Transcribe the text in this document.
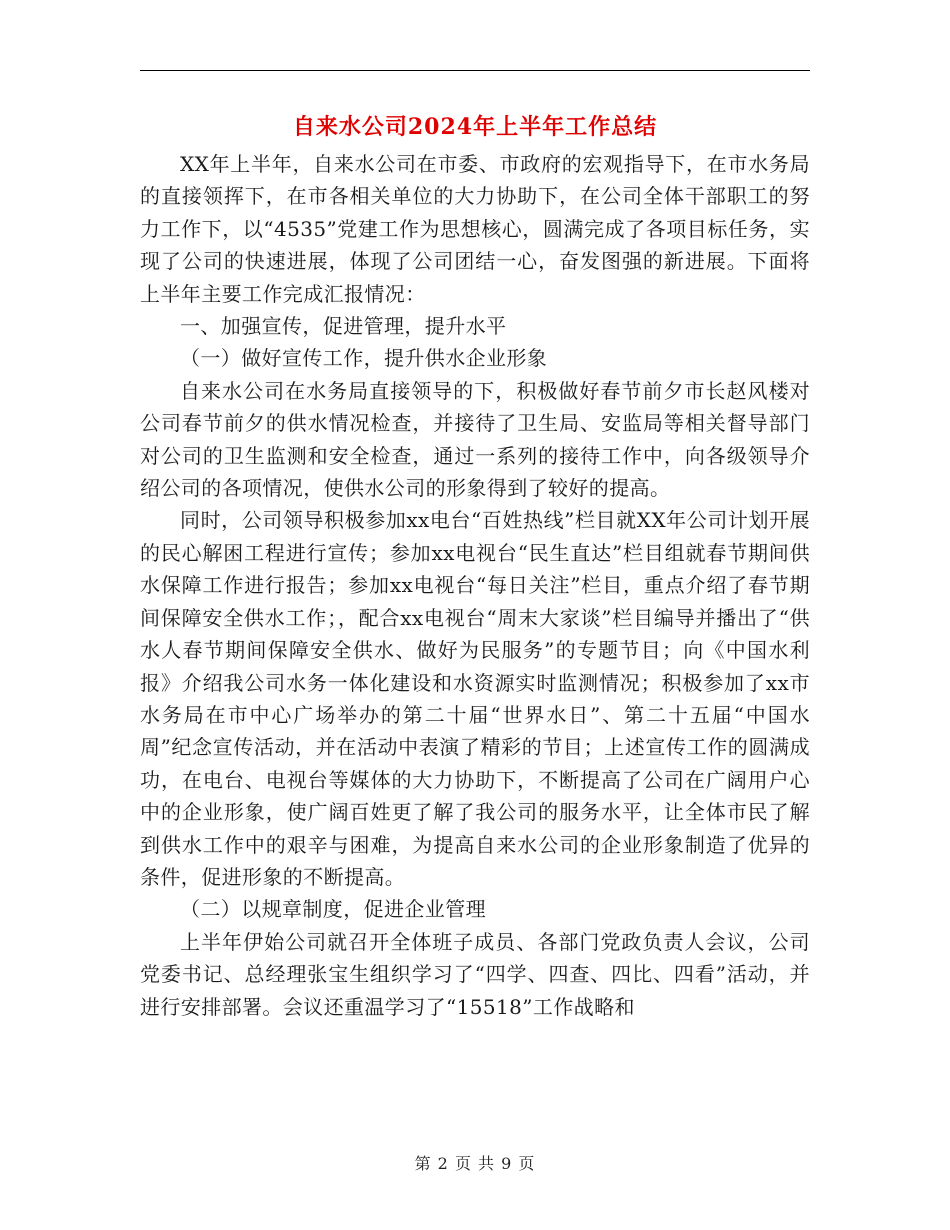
自来水公司2024年上半年工作总结

XX年上半年，自来水公司在市委、市政府的宏观指导下，在市水务局的直接领挥下，在市各相关单位的大力协助下，在公司全体干部职工的努力工作下，以“4535”党建工作为思想核心，圆满完成了各项目标任务，实现了公司的快速进展，体现了公司团结一心，奋发图强的新进展。下面将上半年主要工作完成汇报情况：

一、加强宣传，促进管理，提升水平

（一）做好宣传工作，提升供水企业形象

自来水公司在水务局直接领导的下，积极做好春节前夕市长赵风楼对公司春节前夕的供水情况检查，并接待了卫生局、安监局等相关督导部门对公司的卫生监测和安全检查，通过一系列的接待工作中，向各级领导介绍公司的各项情况，使供水公司的形象得到了较好的提高。

同时，公司领导积极参加xx电台“百姓热线”栏目就XX年公司计划开展的民心解困工程进行宣传；参加xx电视台“民生直达”栏目组就春节期间供水保障工作进行报告；参加xx电视台“每日关注”栏目，重点介绍了春节期间保障安全供水工作；，配合xx电视台“周末大家谈”栏目编导并播出了“供水人春节期间保障安全供水、做好为民服务”的专题节目；向《中国水利报》介绍我公司水务一体化建设和水资源实时监测情况；积极参加了xx市水务局在市中心广场举办的第二十届“世界水日”、第二十五届“中国水周”纪念宣传活动，并在活动中表演了精彩的节目；上述宣传工作的圆满成功，在电台、电视台等媒体的大力协助下，不断提高了公司在广阔用户心中的企业形象，使广阔百姓更了解了我公司的服务水平，让全体市民了解到供水工作中的艰辛与困难，为提高自来水公司的企业形象制造了优异的条件，促进形象的不断提高。

（二）以规章制度，促进企业管理

上半年伊始公司就召开全体班子成员、各部门党政负责人会议，公司党委书记、总经理张宝生组织学习了“四学、四查、四比、四看”活动，并进行安排部署。会议还重温学习了“15518”工作战略和

第 2 页 共 9 页
